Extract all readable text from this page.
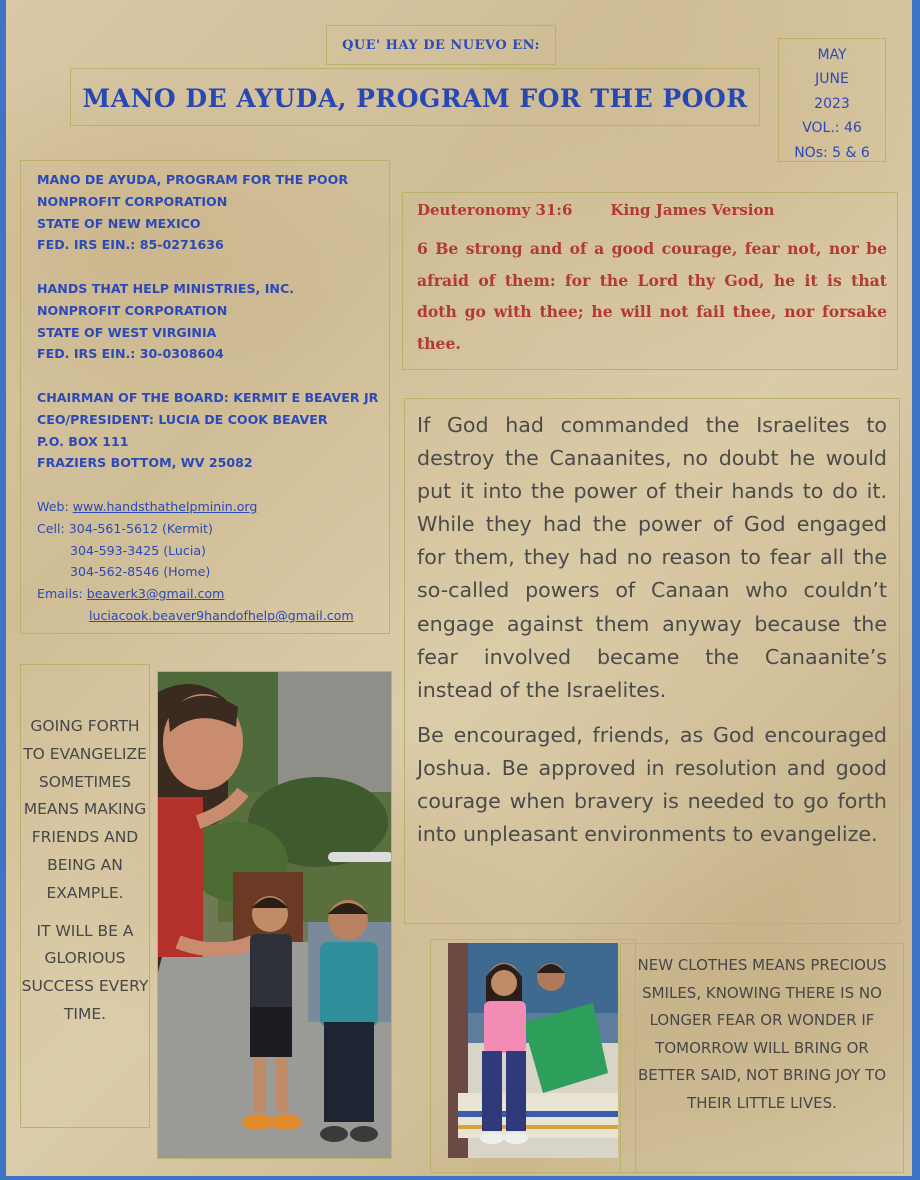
QUE' HAY DE NUEVO EN:
MANO DE AYUDA, PROGRAM FOR THE POOR
MAY
JUNE
2023
VOL.: 46
NOs: 5 & 6
MANO DE AYUDA, PROGRAM FOR THE POOR
NONPROFIT CORPORATION
STATE OF NEW MEXICO
FED. IRS EIN.: 85-0271636
HANDS THAT HELP MINISTRIES, INC.
NONPROFIT CORPORATION
STATE OF WEST VIRGINIA
FED. IRS EIN.: 30-0308604
CHAIRMAN OF THE BOARD: KERMIT E BEAVER JR
CEO/PRESIDENT: LUCIA DE COOK BEAVER
P.O. BOX 111
FRAZIERS BOTTOM, WV 25082
Web: www.handsthathelpminin.org
Cell: 304-561-5612 (Kermit)
304-593-3425 (Lucia)
304-562-8546 (Home)
Emails: beaverk3@gmail.com
luciacook.beaver9handofhelp@gmail.com
Deuteronomy 31:6	King James Version
6 Be strong and of a good courage, fear not, nor be afraid of them: for the Lord thy God, he it is that doth go with thee; he will not fail thee, nor forsake thee.

If God had commanded the Israelites to destroy the Canaanites, no doubt he would put it into the power of their hands to do it. While they had the power of God engaged for them, they had no reason to fear all the so-called powers of Canaan who couldn’t engage against them anyway because the fear involved became the Canaanite’s instead of the Israelites.

Be encouraged, friends, as God encouraged Joshua. Be approved in resolution and good courage when bravery is needed to go forth into unpleasant environments to evangelize.

GOING FORTH TO EVANGELIZE SOMETIMES MEANS MAKING FRIENDS AND BEING AN EXAMPLE.

IT WILL BE A GLORIOUS SUCCESS EVERY TIME.

NEW CLOTHES MEANS PRECIOUS SMILES, KNOWING THERE IS NO LONGER FEAR OR WONDER IF TOMORROW WILL BRING OR BETTER SAID, NOT BRING JOY TO THEIR LITTLE LIVES.
